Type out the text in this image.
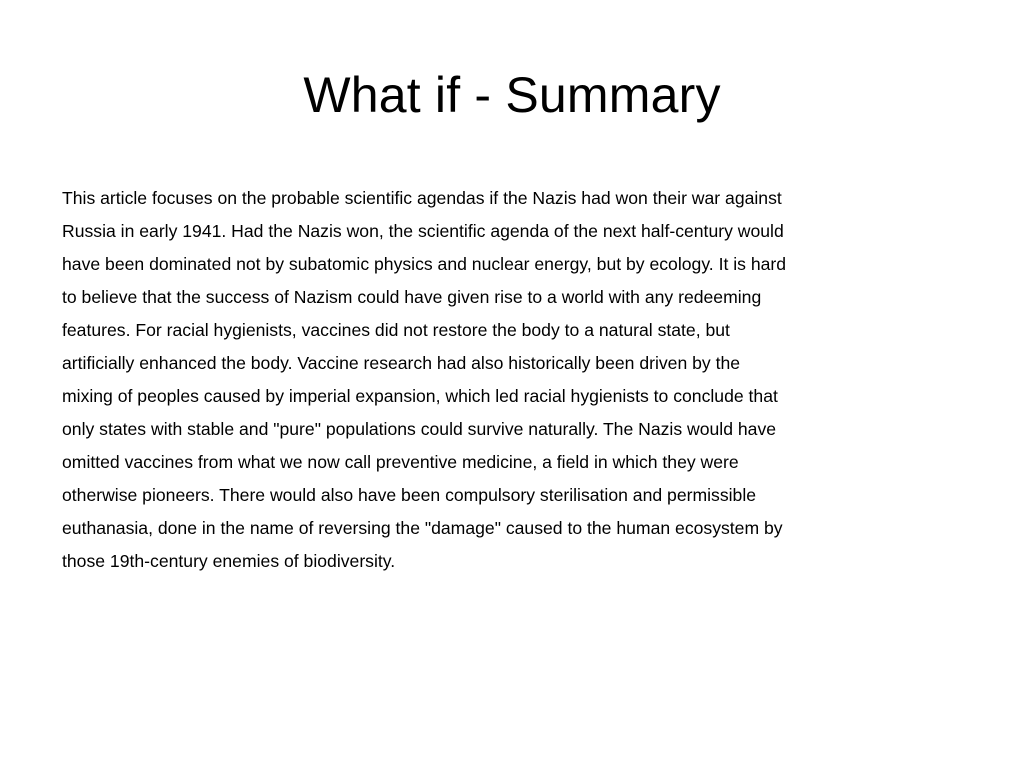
What if - Summary
This article focuses on the probable scientific agendas if the Nazis had won their war against
Russia in early 1941. Had the Nazis won, the scientific agenda of the next half-century would
have been dominated not by subatomic physics and nuclear energy, but by ecology. It is hard
to believe that the success of Nazism could have given rise to a world with any redeeming
features. For racial hygienists, vaccines did not restore the body to a natural state, but
artificially enhanced the body. Vaccine research had also historically been driven by the
mixing of peoples caused by imperial expansion, which led racial hygienists to conclude that
only states with stable and "pure" populations could survive naturally. The Nazis would have
omitted vaccines from what we now call preventive medicine, a field in which they were
otherwise pioneers. There would also have been compulsory sterilisation and permissible
euthanasia, done in the name of reversing the "damage" caused to the human ecosystem by
those 19th-century enemies of biodiversity.
